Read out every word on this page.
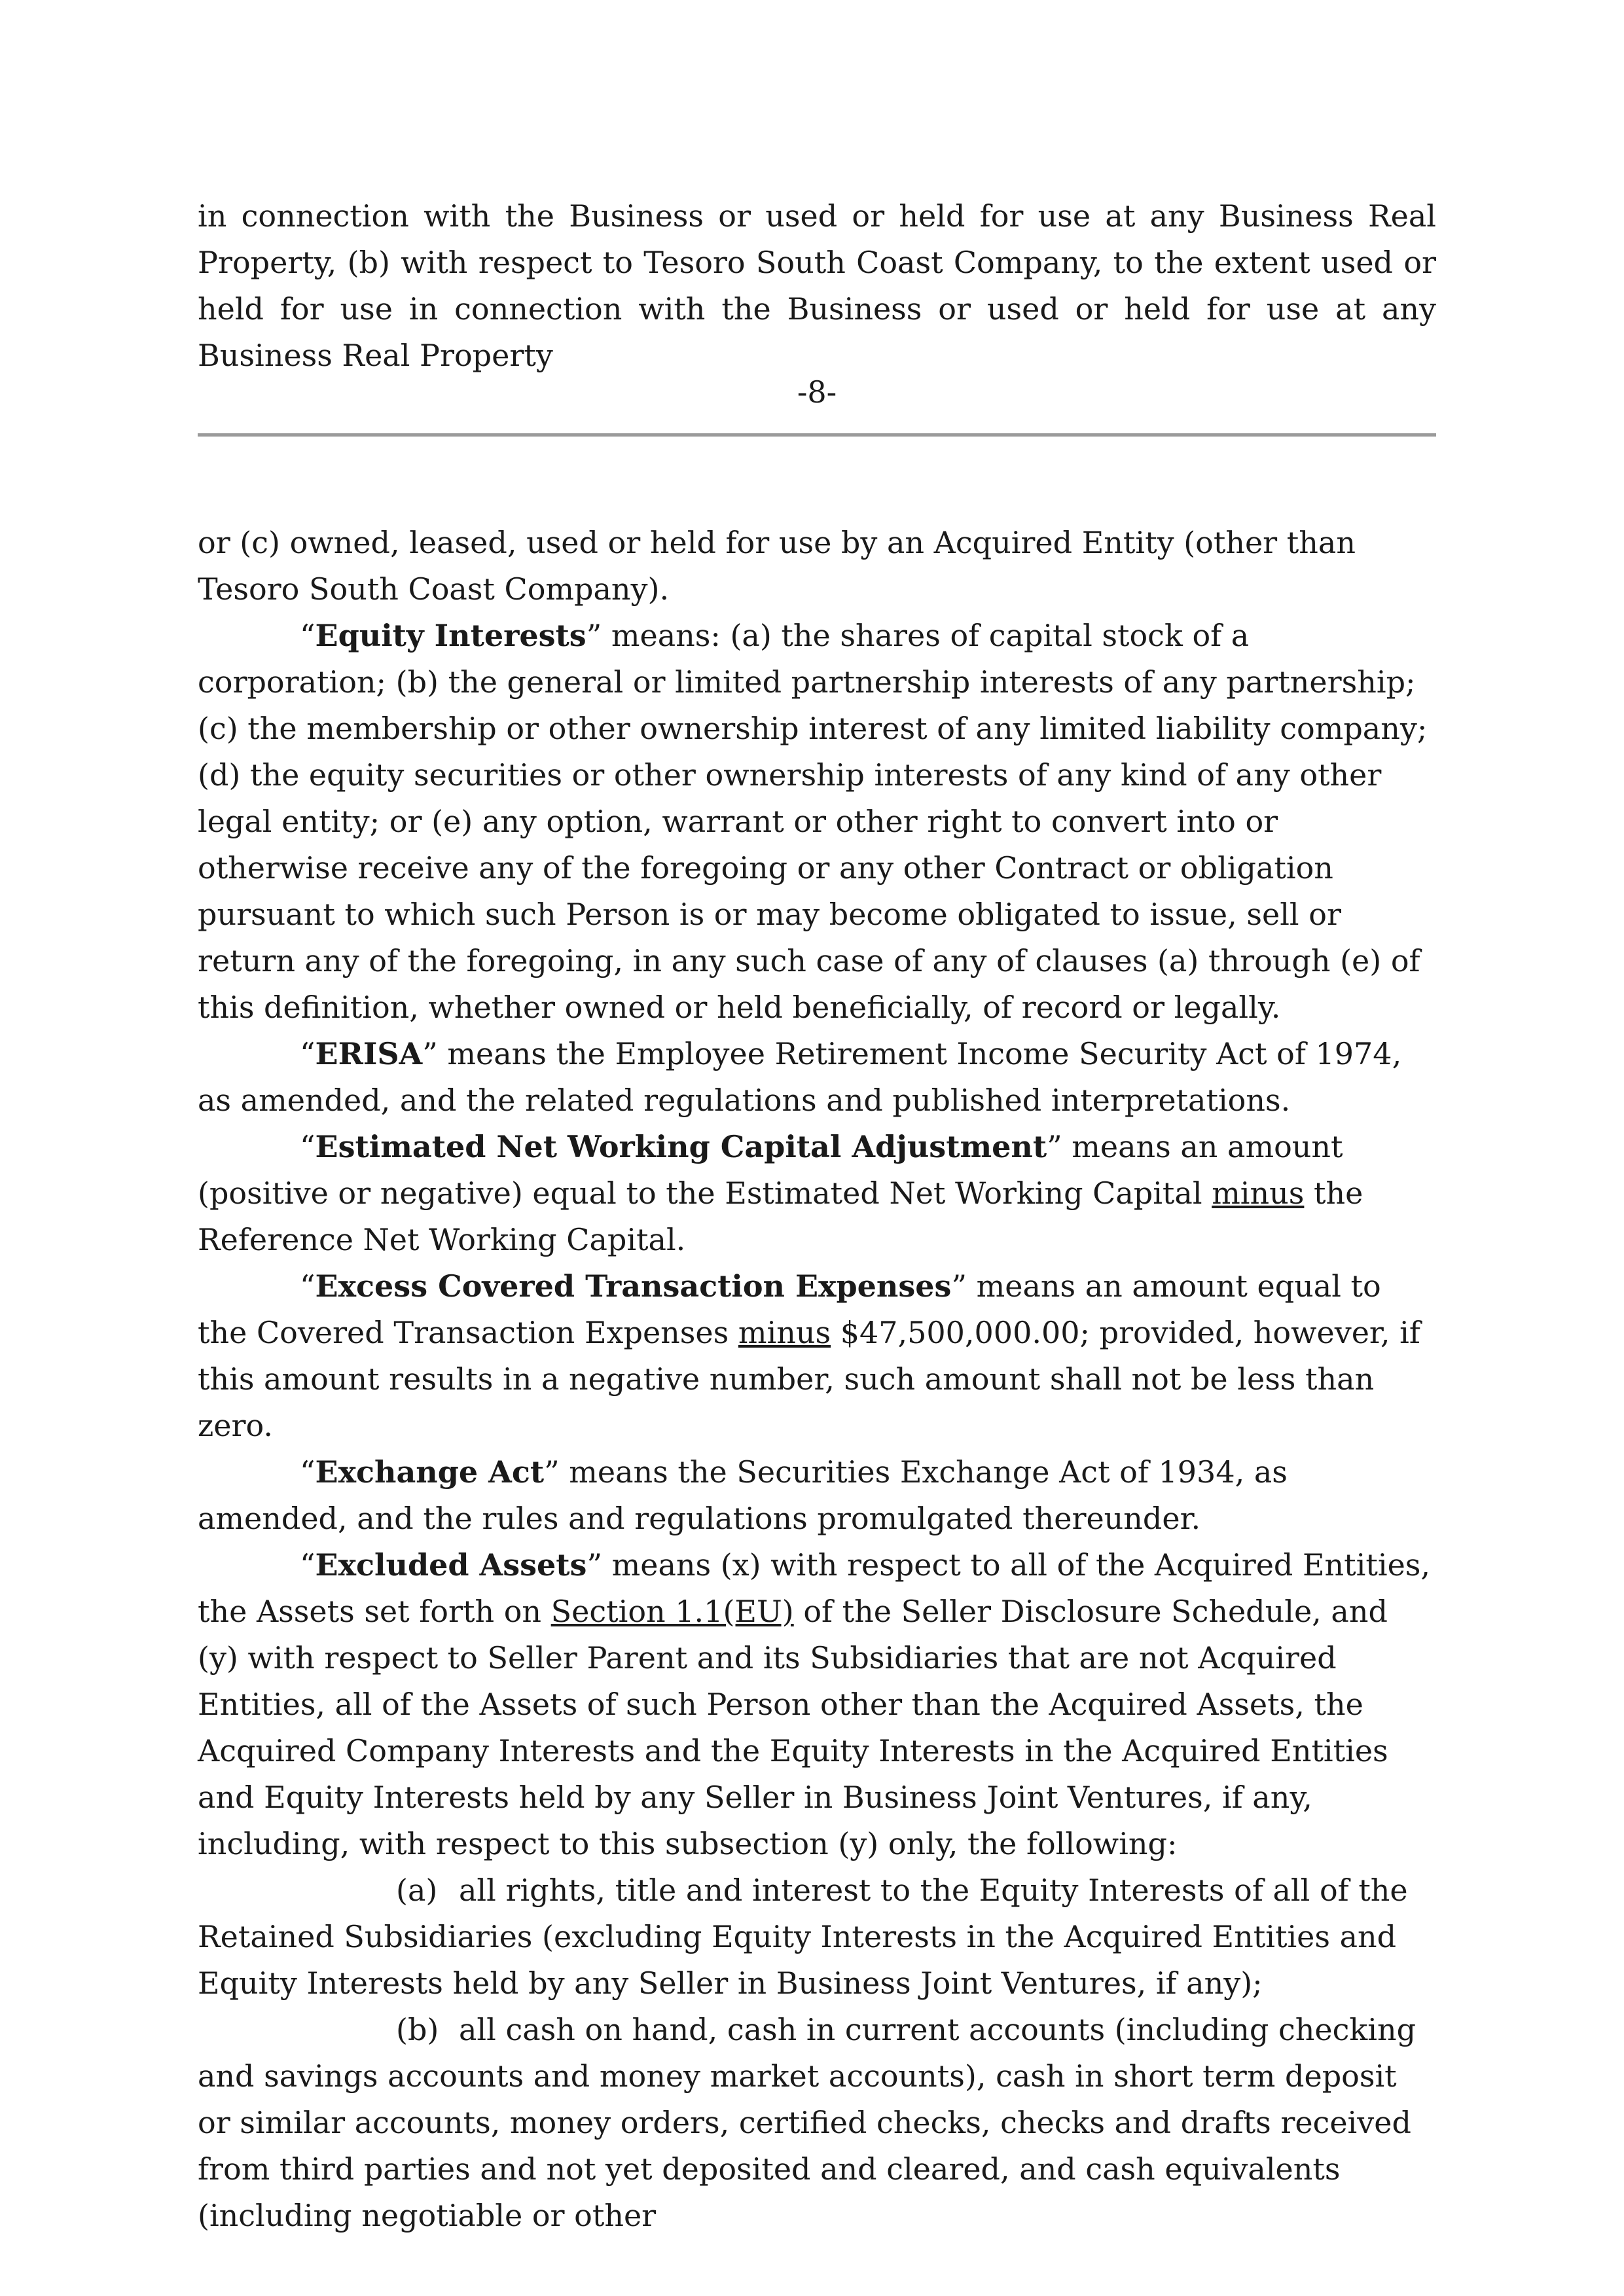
in connection with the Business or used or held for use at any Business Real Property, (b) with respect to Tesoro South Coast Company, to the extent used or held for use in connection with the Business or used or held for use at any Business Real Property

-8-

or (c) owned, leased, used or held for use by an Acquired Entity (other than Tesoro South Coast Company).

“Equity Interests” means: (a) the shares of capital stock of a corporation; (b) the general or limited partnership interests of any partnership; (c) the membership or other ownership interest of any limited liability company; (d) the equity securities or other ownership interests of any kind of any other legal entity; or (e) any option, warrant or other right to convert into or otherwise receive any of the foregoing or any other Contract or obligation pursuant to which such Person is or may become obligated to issue, sell or return any of the foregoing, in any such case of any of clauses (a) through (e) of this definition, whether owned or held beneficially, of record or legally.

“ERISA” means the Employee Retirement Income Security Act of 1974, as amended, and the related regulations and published interpretations.

“Estimated Net Working Capital Adjustment” means an amount (positive or negative) equal to the Estimated Net Working Capital minus the Reference Net Working Capital.

“Excess Covered Transaction Expenses” means an amount equal to the Covered Transaction Expenses minus $47,500,000.00; provided, however, if this amount results in a negative number, such amount shall not be less than zero.

“Exchange Act” means the Securities Exchange Act of 1934, as amended, and the rules and regulations promulgated thereunder.

“Excluded Assets” means (x) with respect to all of the Acquired Entities, the Assets set forth on Section 1.1(EU) of the Seller Disclosure Schedule, and (y) with respect to Seller Parent and its Subsidiaries that are not Acquired Entities, all of the Assets of such Person other than the Acquired Assets, the Acquired Company Interests and the Equity Interests in the Acquired Entities and Equity Interests held by any Seller in Business Joint Ventures, if any, including, with respect to this subsection (y) only, the following:

(a) all rights, title and interest to the Equity Interests of all of the Retained Subsidiaries (excluding Equity Interests in the Acquired Entities and Equity Interests held by any Seller in Business Joint Ventures, if any);

(b) all cash on hand, cash in current accounts (including checking and savings accounts and money market accounts), cash in short term deposit or similar accounts, money orders, certified checks, checks and drafts received from third parties and not yet deposited and cleared, and cash equivalents (including negotiable or other
